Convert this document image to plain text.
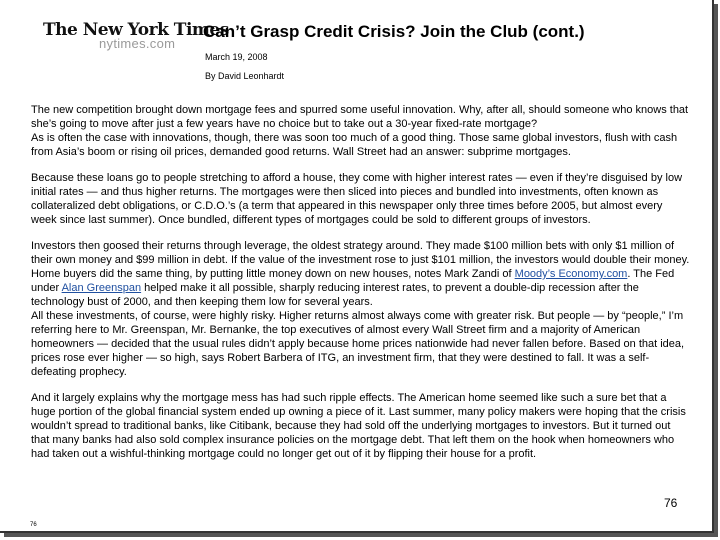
The New York Times
nytimes.com
Can’t Grasp Credit Crisis? Join the Club (cont.)
March 19, 2008
By David Leonhardt

The new competition brought down mortgage fees and spurred some useful innovation. Why, after all, should someone who knows that she’s going to move after just a few years have no choice but to take out a 30-year fixed-rate mortgage?

As is often the case with innovations, though, there was soon too much of a good thing. Those same global investors, flush with cash from Asia’s boom or rising oil prices, demanded good returns. Wall Street had an answer: subprime mortgages.

Because these loans go to people stretching to afford a house, they come with higher interest rates — even if they’re disguised by low initial rates — and thus higher returns. The mortgages were then sliced into pieces and bundled into investments, often known as collateralized debt obligations, or C.D.O.’s (a term that appeared in this newspaper only three times before 2005, but almost every week since last summer). Once bundled, different types of mortgages could be sold to different groups of investors.

Investors then goosed their returns through leverage, the oldest strategy around. They made $100 million bets with only $1 million of their own money and $99 million in debt. If the value of the investment rose to just $101 million, the investors would double their money. Home buyers did the same thing, by putting little money down on new houses, notes Mark Zandi of Moody’s Economy.com. The Fed under Alan Greenspan helped make it all possible, sharply reducing interest rates, to prevent a double-dip recession after the technology bust of 2000, and then keeping them low for several years.

All these investments, of course, were highly risky. Higher returns almost always come with greater risk. But people — by “people,” I’m referring here to Mr. Greenspan, Mr. Bernanke, the top executives of almost every Wall Street firm and a majority of American homeowners — decided that the usual rules didn’t apply because home prices nationwide had never fallen before. Based on that idea, prices rose ever higher — so high, says Robert Barbera of ITG, an investment firm, that they were destined to fall. It was a self-defeating prophecy.

And it largely explains why the mortgage mess has had such ripple effects. The American home seemed like such a sure bet that a huge portion of the global financial system ended up owning a piece of it. Last summer, many policy makers were hoping that the crisis wouldn’t spread to traditional banks, like Citibank, because they had sold off the underlying mortgages to investors. But it turned out that many banks had also sold complex insurance policies on the mortgage debt. That left them on the hook when homeowners who had taken out a wishful-thinking mortgage could no longer get out of it by flipping their house for a profit.

76
76
